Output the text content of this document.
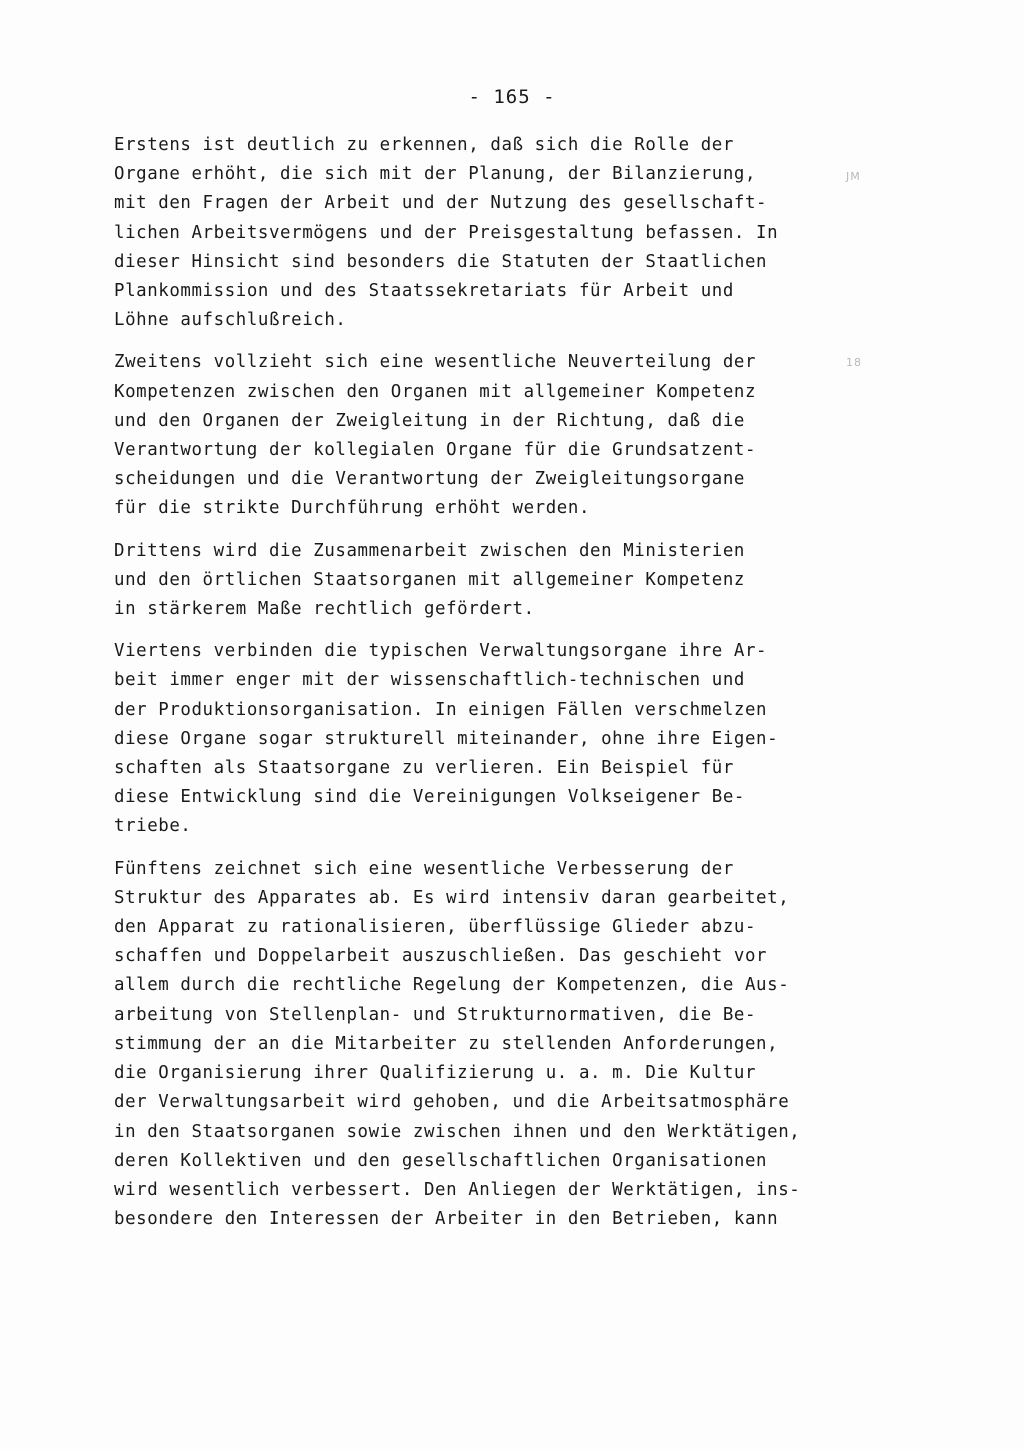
- 165 -
JM
18
Erstens ist deutlich zu erkennen, daß sich die Rolle der
Organe erhöht, die sich mit der Planung, der Bilanzierung,
mit den Fragen der Arbeit und der Nutzung des gesellschaft-
lichen Arbeitsvermögens und der Preisgestaltung befassen. In
dieser Hinsicht sind besonders die Statuten der Staatlichen
Plankommission und des Staatssekretariats für Arbeit und
Löhne aufschlußreich.
Zweitens vollzieht sich eine wesentliche Neuverteilung der
Kompetenzen zwischen den Organen mit allgemeiner Kompetenz
und den Organen der Zweigleitung in der Richtung, daß die
Verantwortung der kollegialen Organe für die Grundsatzent-
scheidungen und die Verantwortung der Zweigleitungsorgane
für die strikte Durchführung erhöht werden.
Drittens wird die Zusammenarbeit zwischen den Ministerien
und den örtlichen Staatsorganen mit allgemeiner Kompetenz
in stärkerem Maße rechtlich gefördert.
Viertens verbinden die typischen Verwaltungsorgane ihre Ar-
beit immer enger mit der wissenschaftlich-technischen und
der Produktionsorganisation. In einigen Fällen verschmelzen
diese Organe sogar strukturell miteinander, ohne ihre Eigen-
schaften als Staatsorgane zu verlieren. Ein Beispiel für
diese Entwicklung sind die Vereinigungen Volkseigener Be-
triebe.
Fünftens zeichnet sich eine wesentliche Verbesserung der
Struktur des Apparates ab. Es wird intensiv daran gearbeitet,
den Apparat zu rationalisieren, überflüssige Glieder abzu-
schaffen und Doppelarbeit auszuschließen. Das geschieht vor
allem durch die rechtliche Regelung der Kompetenzen, die Aus-
arbeitung von Stellenplan- und Strukturnormativen, die Be-
stimmung der an die Mitarbeiter zu stellenden Anforderungen,
die Organisierung ihrer Qualifizierung u. a. m. Die Kultur
der Verwaltungsarbeit wird gehoben, und die Arbeitsatmosphäre
in den Staatsorganen sowie zwischen ihnen und den Werktätigen,
deren Kollektiven und den gesellschaftlichen Organisationen
wird wesentlich verbessert. Den Anliegen der Werktätigen, ins-
besondere den Interessen der Arbeiter in den Betrieben, kann
